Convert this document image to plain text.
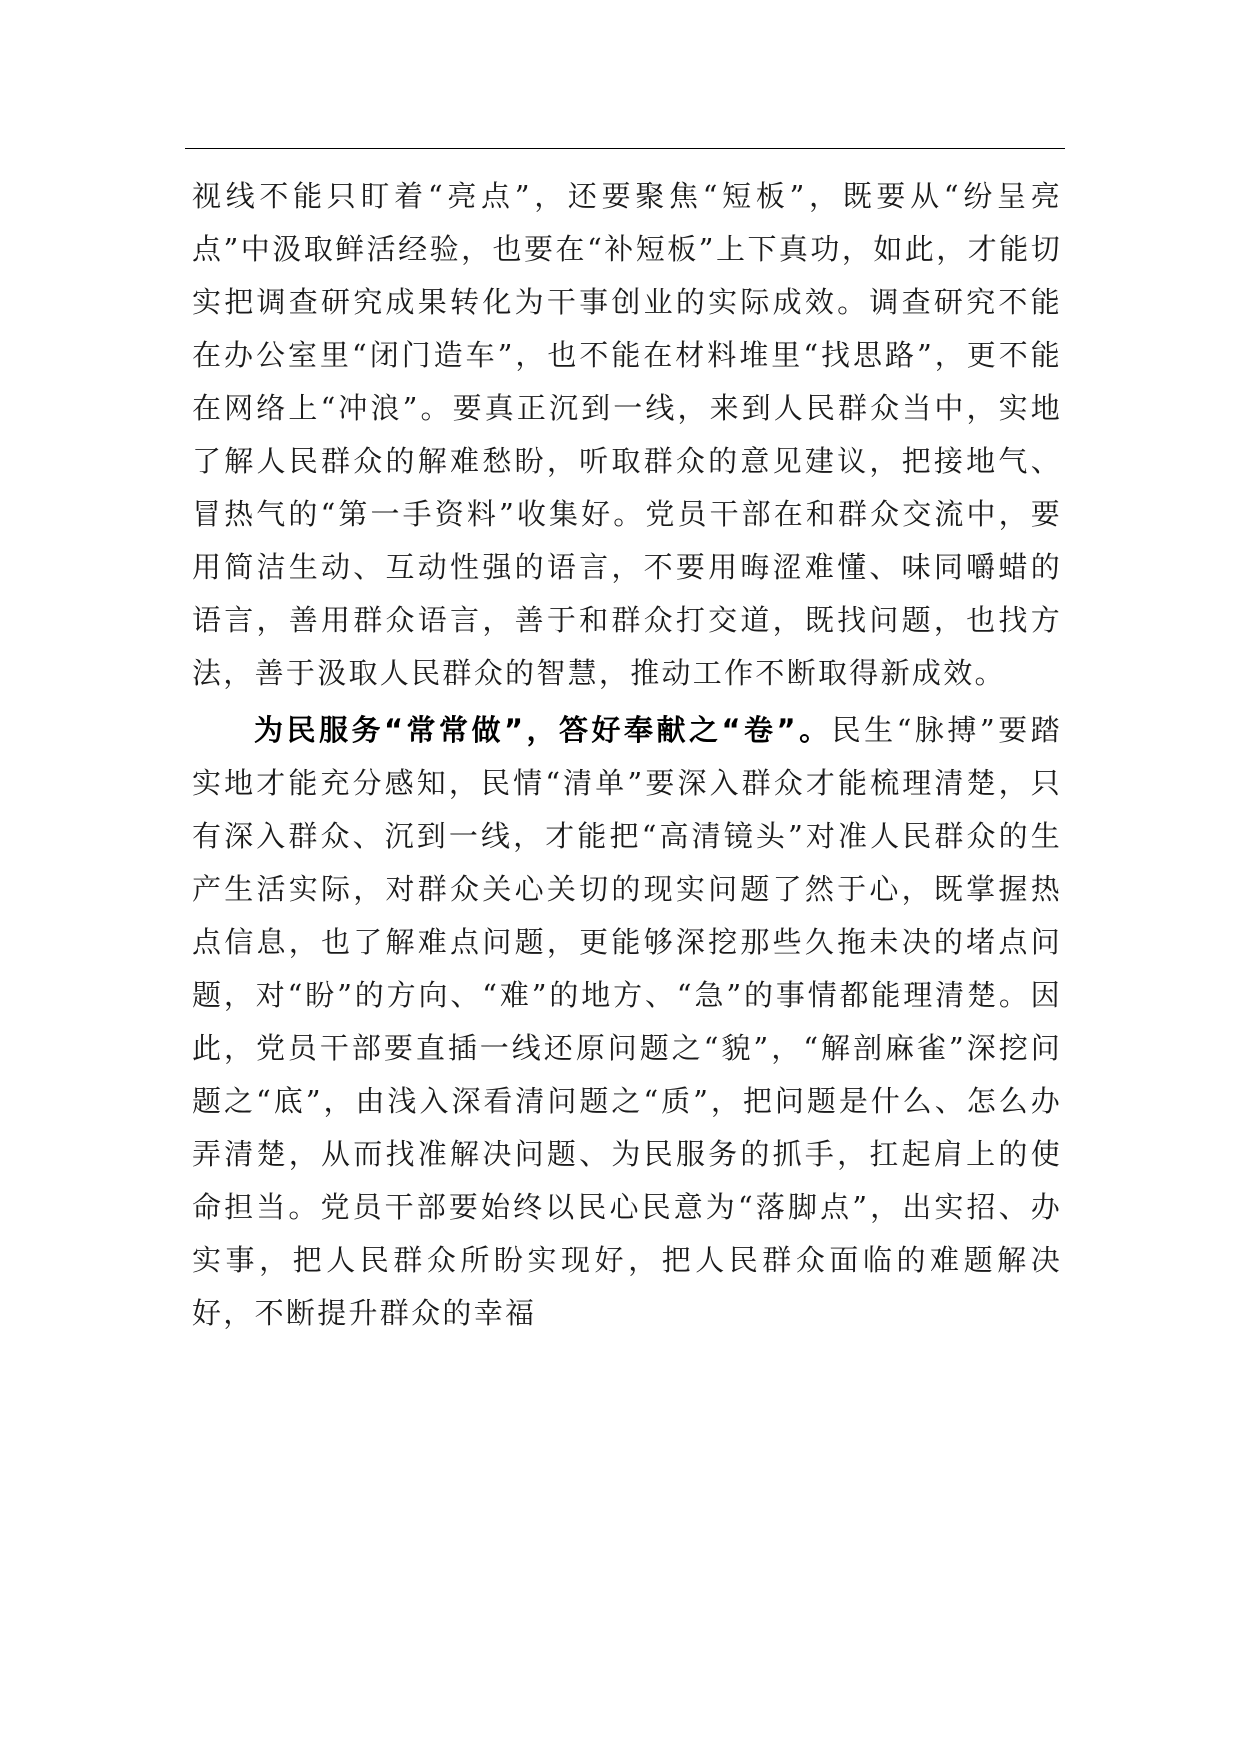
视线不能只盯着“亮点”，还要聚焦“短板”，既要从“纷呈亮点”中汲取鲜活经验，也要在“补短板”上下真功，如此，才能切实把调查研究成果转化为干事创业的实际成效。调查研究不能在办公室里“闭门造车”，也不能在材料堆里“找思路”，更不能在网络上“冲浪”。要真正沉到一线，来到人民群众当中，实地了解人民群众的解难愁盼，听取群众的意见建议，把接地气、冒热气的“第一手资料”收集好。党员干部在和群众交流中，要用简洁生动、互动性强的语言，不要用晦涩难懂、味同嚼蜡的语言，善用群众语言，善于和群众打交道，既找问题，也找方法，善于汲取人民群众的智慧，推动工作不断取得新成效。

为民服务“常常做”，答好奉献之“卷”。民生“脉搏”要踏实地才能充分感知，民情“清单”要深入群众才能梳理清楚，只有深入群众、沉到一线，才能把“高清镜头”对准人民群众的生产生活实际，对群众关心关切的现实问题了然于心，既掌握热点信息，也了解难点问题，更能够深挖那些久拖未决的堵点问题，对“盼”的方向、“难”的地方、“急”的事情都能理清楚。因此，党员干部要直插一线还原问题之“貌”，“解剖麻雀”深挖问题之“底”，由浅入深看清问题之“质”，把问题是什么、怎么办弄清楚，从而找准解决问题、为民服务的抓手，扛起肩上的使命担当。党员干部要始终以民心民意为“落脚点”，出实招、办实事，把人民群众所盼实现好，把人民群众面临的难题解决好，不断提升群众的幸福
